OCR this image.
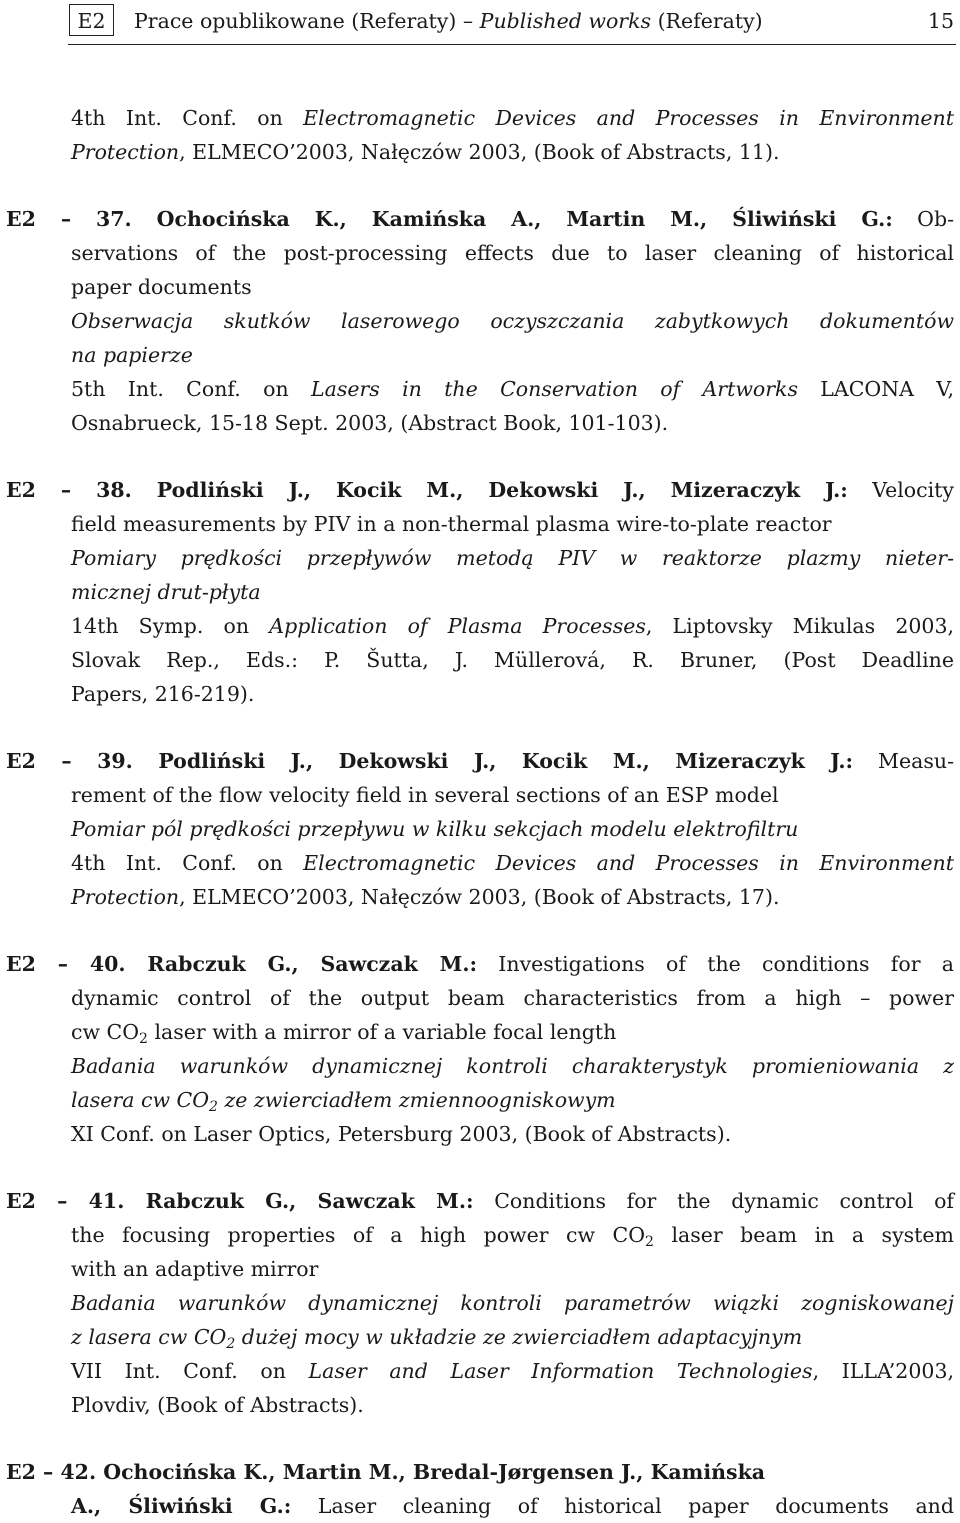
E2	Prace opublikowane (Referaty) – Published works (Referaty)	15
4th Int. Conf. on Electromagnetic Devices and Processes in Environment
Protection, ELMECO’2003, Nałęczów 2003, (Book of Abstracts, 11).
E2 – 37. Ochocińska K., Kamińska A., Martin M., Śliwiński G.: Ob-
servations of the post-processing effects due to laser cleaning of historical
paper documents
Obserwacja skutków laserowego oczyszczania zabytkowych dokumentów
na papierze
5th Int. Conf. on Lasers in the Conservation of Artworks LACONA V,
Osnabrueck, 15-18 Sept. 2003, (Abstract Book, 101-103).
E2 – 38. Podliński J., Kocik M., Dekowski J., Mizeraczyk J.: Velocity
field measurements by PIV in a non-thermal plasma wire-to-plate reactor
Pomiary prędkości przepływów metodą PIV w reaktorze plazmy nieter-
micznej drut-płyta
14th Symp. on Application of Plasma Processes, Liptovsky Mikulas 2003,
Slovak Rep., Eds.: P. Šutta, J. Müllerová, R. Bruner, (Post Deadline
Papers, 216-219).
E2 – 39. Podliński J., Dekowski J., Kocik M., Mizeraczyk J.: Measu-
rement of the flow velocity field in several sections of an ESP model
Pomiar pól prędkości przepływu w kilku sekcjach modelu elektrofiltru
4th Int. Conf. on Electromagnetic Devices and Processes in Environment
Protection, ELMECO’2003, Nałęczów 2003, (Book of Abstracts, 17).
E2 – 40. Rabczuk G., Sawczak M.: Investigations of the conditions for a
dynamic control of the output beam characteristics from a high – power
cw $CO_2$ laser with a mirror of a variable focal length
Badania warunków dynamicznej kontroli charakterystyk promieniowania z
lasera cw $CO_2$ ze zwierciadłem zmiennoogniskowym
XI Conf. on Laser Optics, Petersburg 2003, (Book of Abstracts).
E2 – 41. Rabczuk G., Sawczak M.: Conditions for the dynamic control of
the focusing properties of a high power cw $CO_2$ laser beam in a system
with an adaptive mirror
Badania warunków dynamicznej kontroli parametrów wiązki zogniskowanej
z lasera cw $CO_2$ dużej mocy w układzie ze zwierciadłem adaptacyjnym
VII Int. Conf. on Laser and Laser Information Technologies, ILLA’2003,
Plovdiv, (Book of Abstracts).
E2 – 42. Ochocińska K., Martin M., Bredal-Jørgensen J., Kamińska
A., Śliwiński G.: Laser cleaning of historical paper documents and
